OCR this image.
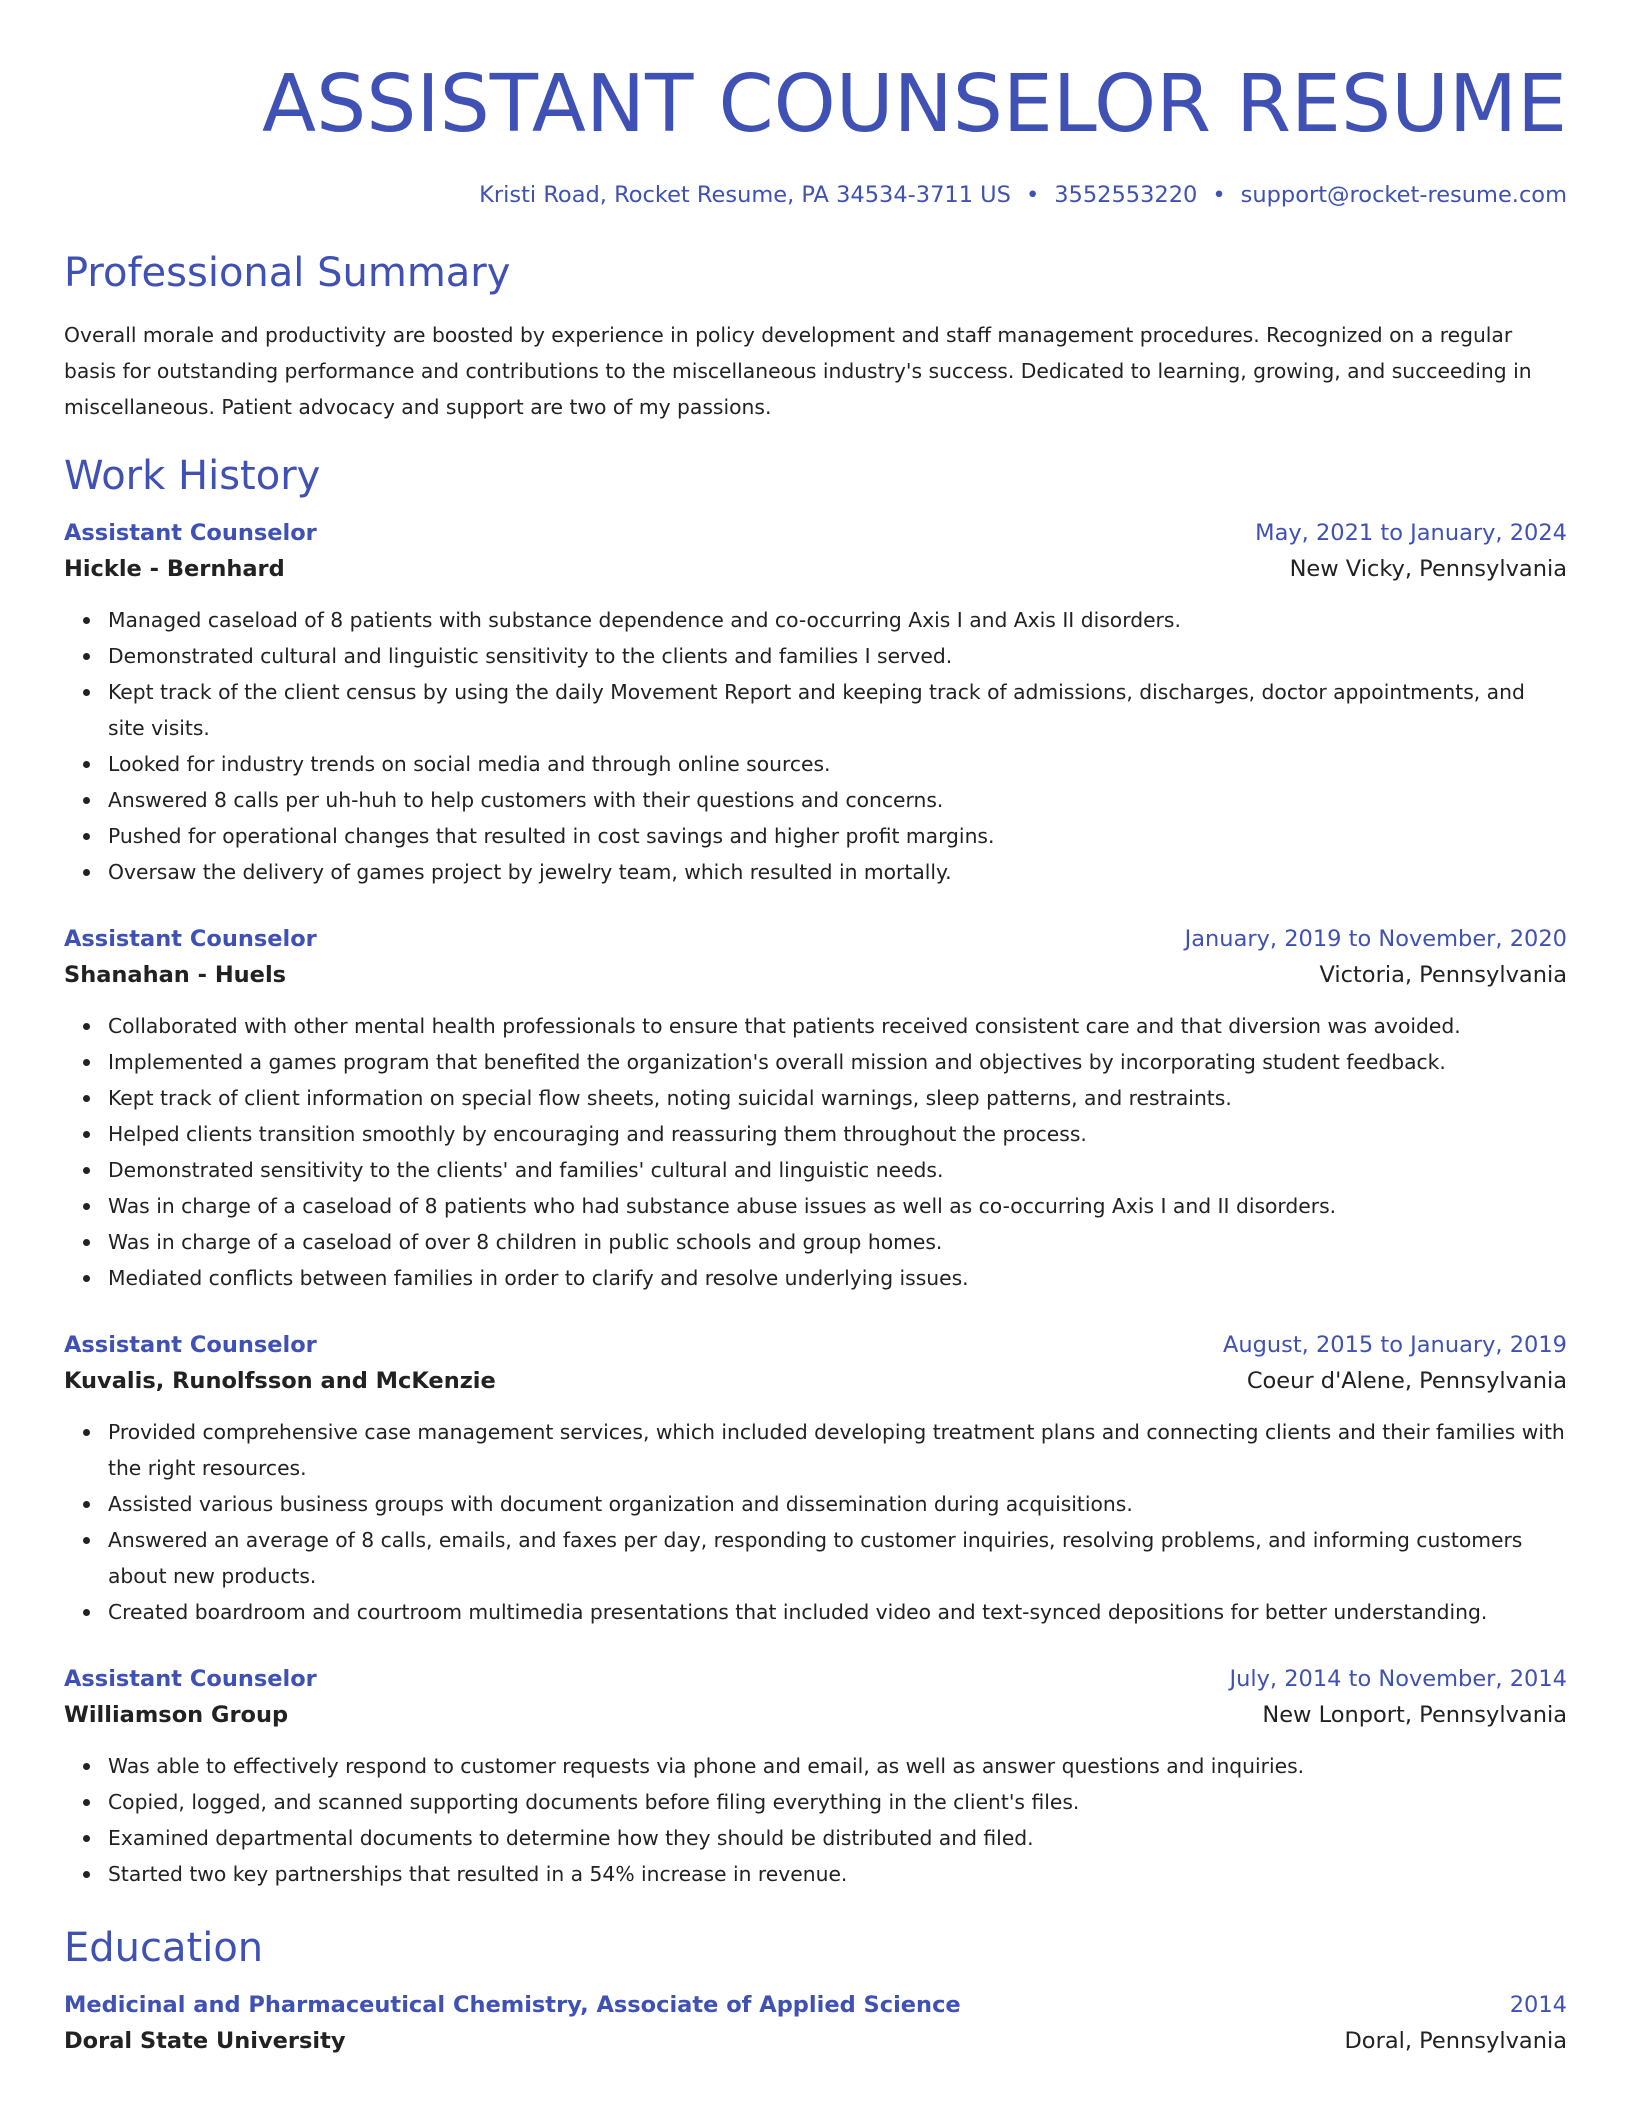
ASSISTANT COUNSELOR RESUME
Kristi Road, Rocket Resume, PA 34534-3711 US • 3552553220 • support@rocket-resume.com
Professional Summary
Overall morale and productivity are boosted by experience in policy development and staff management procedures. Recognized on a regular basis for outstanding performance and contributions to the miscellaneous industry's success. Dedicated to learning, growing, and succeeding in miscellaneous. Patient advocacy and support are two of my passions.
Work History
Assistant Counselor	May, 2021 to January, 2024
Hickle - Bernhard	New Vicky, Pennsylvania
Managed caseload of 8 patients with substance dependence and co-occurring Axis I and Axis II disorders.
Demonstrated cultural and linguistic sensitivity to the clients and families I served.
Kept track of the client census by using the daily Movement Report and keeping track of admissions, discharges, doctor appointments, and site visits.
Looked for industry trends on social media and through online sources.
Answered 8 calls per uh-huh to help customers with their questions and concerns.
Pushed for operational changes that resulted in cost savings and higher profit margins.
Oversaw the delivery of games project by jewelry team, which resulted in mortally.
Assistant Counselor	January, 2019 to November, 2020
Shanahan - Huels	Victoria, Pennsylvania
Collaborated with other mental health professionals to ensure that patients received consistent care and that diversion was avoided.
Implemented a games program that benefited the organization's overall mission and objectives by incorporating student feedback.
Kept track of client information on special flow sheets, noting suicidal warnings, sleep patterns, and restraints.
Helped clients transition smoothly by encouraging and reassuring them throughout the process.
Demonstrated sensitivity to the clients' and families' cultural and linguistic needs.
Was in charge of a caseload of 8 patients who had substance abuse issues as well as co-occurring Axis I and II disorders.
Was in charge of a caseload of over 8 children in public schools and group homes.
Mediated conflicts between families in order to clarify and resolve underlying issues.
Assistant Counselor	August, 2015 to January, 2019
Kuvalis, Runolfsson and McKenzie	Coeur d'Alene, Pennsylvania
Provided comprehensive case management services, which included developing treatment plans and connecting clients and their families with the right resources.
Assisted various business groups with document organization and dissemination during acquisitions.
Answered an average of 8 calls, emails, and faxes per day, responding to customer inquiries, resolving problems, and informing customers about new products.
Created boardroom and courtroom multimedia presentations that included video and text-synced depositions for better understanding.
Assistant Counselor	July, 2014 to November, 2014
Williamson Group	New Lonport, Pennsylvania
Was able to effectively respond to customer requests via phone and email, as well as answer questions and inquiries.
Copied, logged, and scanned supporting documents before filing everything in the client's files.
Examined departmental documents to determine how they should be distributed and filed.
Started two key partnerships that resulted in a 54% increase in revenue.
Education
Medicinal and Pharmaceutical Chemistry, Associate of Applied Science	2014
Doral State University	Doral, Pennsylvania
